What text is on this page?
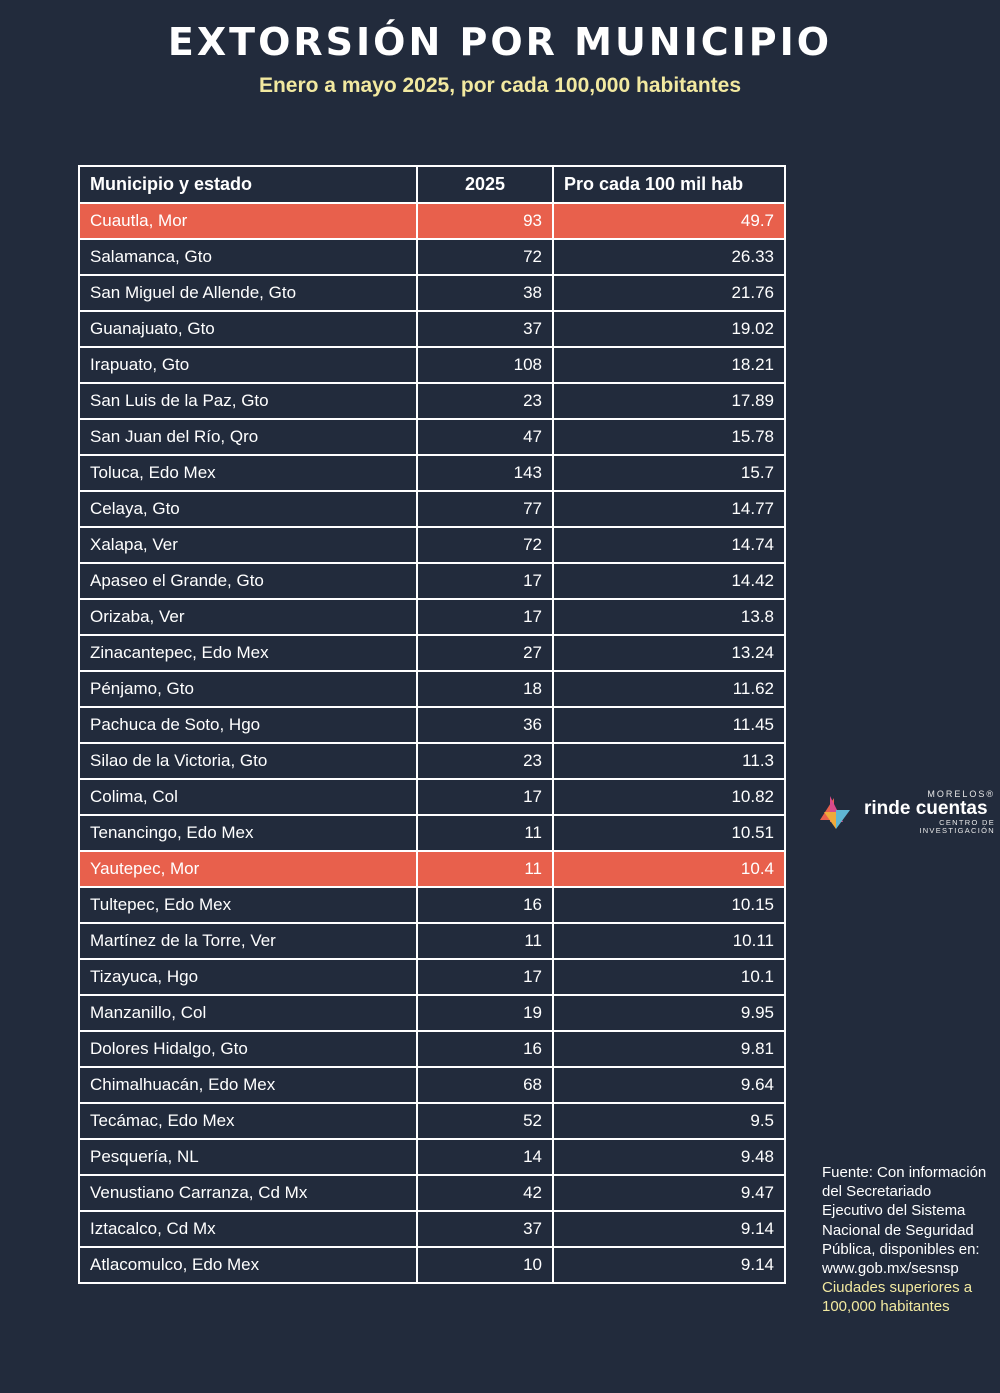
EXTORSIÓN POR MUNICIPIO
Enero a mayo 2025, por cada 100,000 habitantes
Municipio y estado	2025	Pro cada 100 mil hab
Cuautla, Mor	93	49.7
Salamanca, Gto	72	26.33
San Miguel de Allende, Gto	38	21.76
Guanajuato, Gto	37	19.02
Irapuato, Gto	108	18.21
San Luis de la Paz, Gto	23	17.89
San Juan del Río, Qro	47	15.78
Toluca, Edo Mex	143	15.7
Celaya, Gto	77	14.77
Xalapa, Ver	72	14.74
Apaseo el Grande, Gto	17	14.42
Orizaba, Ver	17	13.8
Zinacantepec, Edo Mex	27	13.24
Pénjamo, Gto	18	11.62
Pachuca de Soto, Hgo	36	11.45
Silao de la Victoria, Gto	23	11.3
Colima, Col	17	10.82
Tenancingo, Edo Mex	11	10.51
Yautepec, Mor	11	10.4
Tultepec, Edo Mex	16	10.15
Martínez de la Torre, Ver	11	10.11
Tizayuca, Hgo	17	10.1
Manzanillo, Col	19	9.95
Dolores Hidalgo, Gto	16	9.81
Chimalhuacán, Edo Mex	68	9.64
Tecámac, Edo Mex	52	9.5
Pesquería, NL	14	9.48
Venustiano Carranza, Cd Mx	42	9.47
Iztacalco, Cd Mx	37	9.14
Atlacomulco, Edo Mex	10	9.14
MORELOS®
rinde cuentas
CENTRO DE INVESTIGACIÓN
Fuente: Con información del Secretariado Ejecutivo del Sistema Nacional de Seguridad Pública, disponibles en: www.gob.mx/sesnsp Ciudades superiores a 100,000 habitantes
